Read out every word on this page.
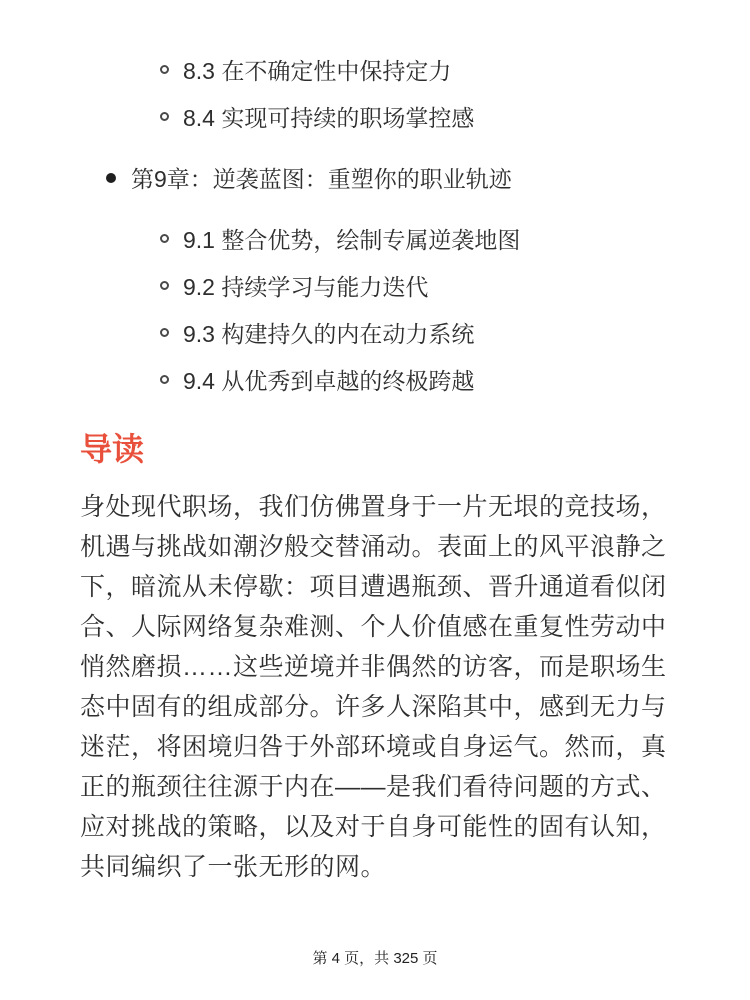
8.3 在不确定性中保持定力
8.4 实现可持续的职场掌控感
第9章：逆袭蓝图：重塑你的职业轨迹
9.1 整合优势，绘制专属逆袭地图
9.2 持续学习与能力迭代
9.3 构建持久的内在动力系统
9.4 从优秀到卓越的终极跨越
导读

身处现代职场，我们仿佛置身于一片无垠的竞技场，机遇与挑战如潮汐般交替涌动。表面上的风平浪静之下，暗流从未停歇：项目遭遇瓶颈、晋升通道看似闭合、人际网络复杂难测、个人价值感在重复性劳动中悄然磨损……这些逆境并非偶然的访客，而是职场生态中固有的组成部分。许多人深陷其中，感到无力与迷茫，将困境归咎于外部环境或自身运气。然而，真正的瓶颈往往源于内在——是我们看待问题的方式、应对挑战的策略，以及对于自身可能性的固有认知，共同编织了一张无形的网。

第 4 页，共 325 页
